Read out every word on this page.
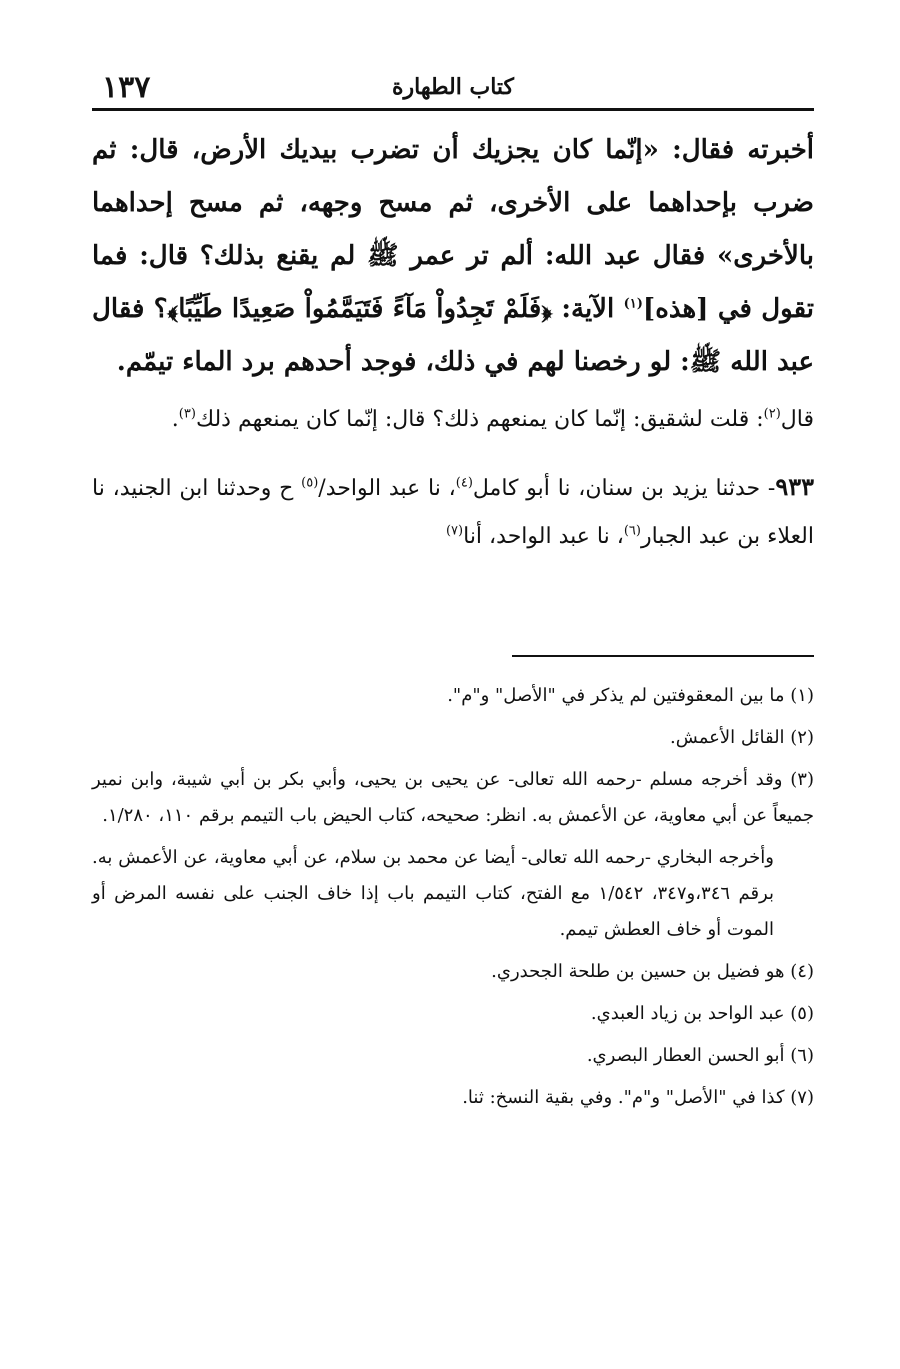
كتاب الطهارة
١٣٧

أخبرته فقال: «إنّما كان يجزيك أن تضرب بيديك الأرض، قال: ثم ضرب بإحداهما على الأخرى، ثم مسح وجهه، ثم مسح إحداهما بالأخرى» فقال عبد الله: ألم تر عمر ﷺ لم يقنع بذلك؟ قال: فما تقول في [هذه]$^{(١)}$ الآية: ﴿فَلَمْ تَجِدُواْ مَآءً فَتَيَمَّمُواْ صَعِيدًا طَيِّبًا﴾؟ فقال عبد الله ﷺ: لو رخصنا لهم في ذلك، فوجد أحدهم برد الماء تيمّم.

قال$^{(٢)}$: قلت لشقيق: إنّما كان يمنعهم ذلك؟ قال: إنّما كان يمنعهم ذلك$^{(٣)}$.

٩٣٣- حدثنا يزيد بن سنان، نا أبو كامل$^{(٤)}$، نا عبد الواحد/$^{(٥)}$ ح وحدثنا ابن الجنيد، نا العلاء بن عبد الجبار$^{(٦)}$، نا عبد الواحد، أنا$^{(٧)}$

(١) ما بين المعقوفتين لم يذكر في "الأصل" و"م".

(٢) القائل الأعمش.

(٣) وقد أخرجه مسلم -رحمه الله تعالى- عن يحيى بن يحيى، وأبي بكر بن أبي شيبة، وابن نمير جميعاً عن أبي معاوية، عن الأعمش به. انظر: صحيحه، كتاب الحيض باب التيمم برقم ١١٠، ١/٢٨٠.

وأخرجه البخاري -رحمه الله تعالى- أيضا عن محمد بن سلام، عن أبي معاوية، عن الأعمش به. برقم ٣٤٦،و٣٤٧، ١/٥٤٢ مع الفتح، كتاب التيمم باب إذا خاف الجنب على نفسه المرض أو الموت أو خاف العطش تيمم.

(٤) هو فضيل بن حسين بن طلحة الجحدري.

(٥) عبد الواحد بن زياد العبدي.

(٦) أبو الحسن العطار البصري.

(٧) كذا في "الأصل" و"م". وفي بقية النسخ: ثنا.
